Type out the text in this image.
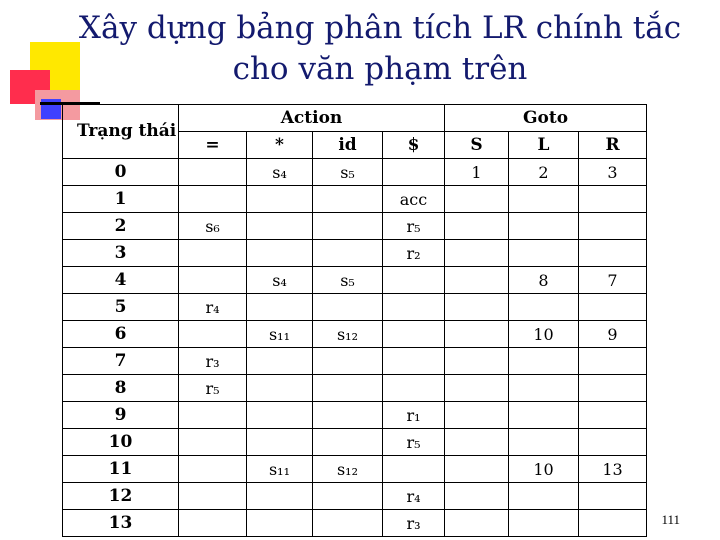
Xây dựng bảng phân tích LR chính tắc cho văn phạm trên
Trạng thái	Action				Goto		
	=	*	id	$	S	L	R
0		s₄	s₅		1	2	3
1				acc			
2	s₆			r₅			
3				r₂			
4		s₄	s₅			8	7
5	r₄						
6		s₁₁	s₁₂			10	9
7	r₃						
8	r₅						
9				r₁			
10				r₅			
11		s₁₁	s₁₂			10	13
12				r₄			
13				r₃				111
